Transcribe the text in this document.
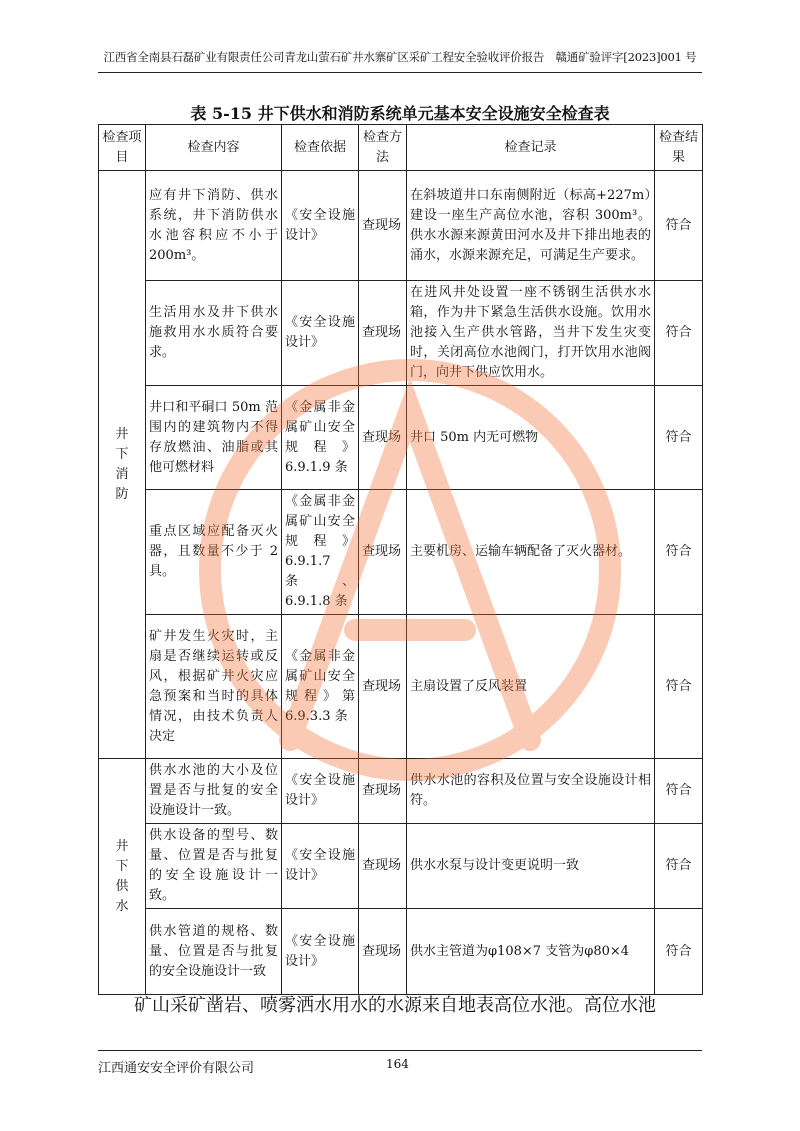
江西省全南县石磊矿业有限责任公司青龙山萤石矿井水寨矿区采矿工程安全验收评价报告　赣通矿验评字[2023]001 号
表 5-15 井下供水和消防系统单元基本安全设施安全检查表
检查项目	检查内容	检查依据	检查方法	检查记录	检查结果

井
下
消
防	应有井下消防、供水系统，井下消防供水水池容积应不小于 200m³。	《安全设施设计》	查现场	在斜坡道井口东南侧附近（标高+227m）建设一座生产高位水池，容积 300m³。供水水源来源黄田河水及井下排出地表的涌水，水源来源充足，可满足生产要求。	符合
	生活用水及井下供水施救用水水质符合要求。	《安全设施设计》	查现场	在进风井处设置一座不锈钢生活供水水箱，作为井下紧急生活供水设施。饮用水池接入生产供水管路，当井下发生灾变时，关闭高位水池阀门，打开饮用水池阀门，向井下供应饮用水。	符合
	井口和平硐口 50m 范围内的建筑物内不得存放燃油、油脂或其他可燃材料	《金属非金属矿山安全规程》6.9.1.9 条	查现场	井口 50m 内无可燃物	符合
	重点区域应配备灭火器，且数量不少于 2 具。	《金属非金属矿山安全规程》6.9.1.7 条、6.9.1.8 条	查现场	主要机房、运输车辆配备了灭火器材。	符合
	矿井发生火灾时，主扇是否继续运转或反风，根据矿井火灾应急预案和当时的具体情况，由技术负责人决定	《金属非金属矿山安全规程》第 6.9.3.3 条	查现场	主扇设置了反风装置	符合

井
下
供
水	供水水池的大小及位置是否与批复的安全设施设计一致。	《安全设施设计》	查现场	供水水池的容积及位置与安全设施设计相符。	符合
	供水设备的型号、数量、位置是否与批复的安全设施设计一致。	《安全设施设计》	查现场	供水水泵与设计变更说明一致	符合
	供水管道的规格、数量、位置是否与批复的安全设施设计一致	《安全设施设计》	查现场	供水主管道为φ108×7 支管为φ80×4	符合
矿山采矿凿岩、喷雾洒水用水的水源来自地表高位水池。高位水池
江西通安安全评价有限公司	164
